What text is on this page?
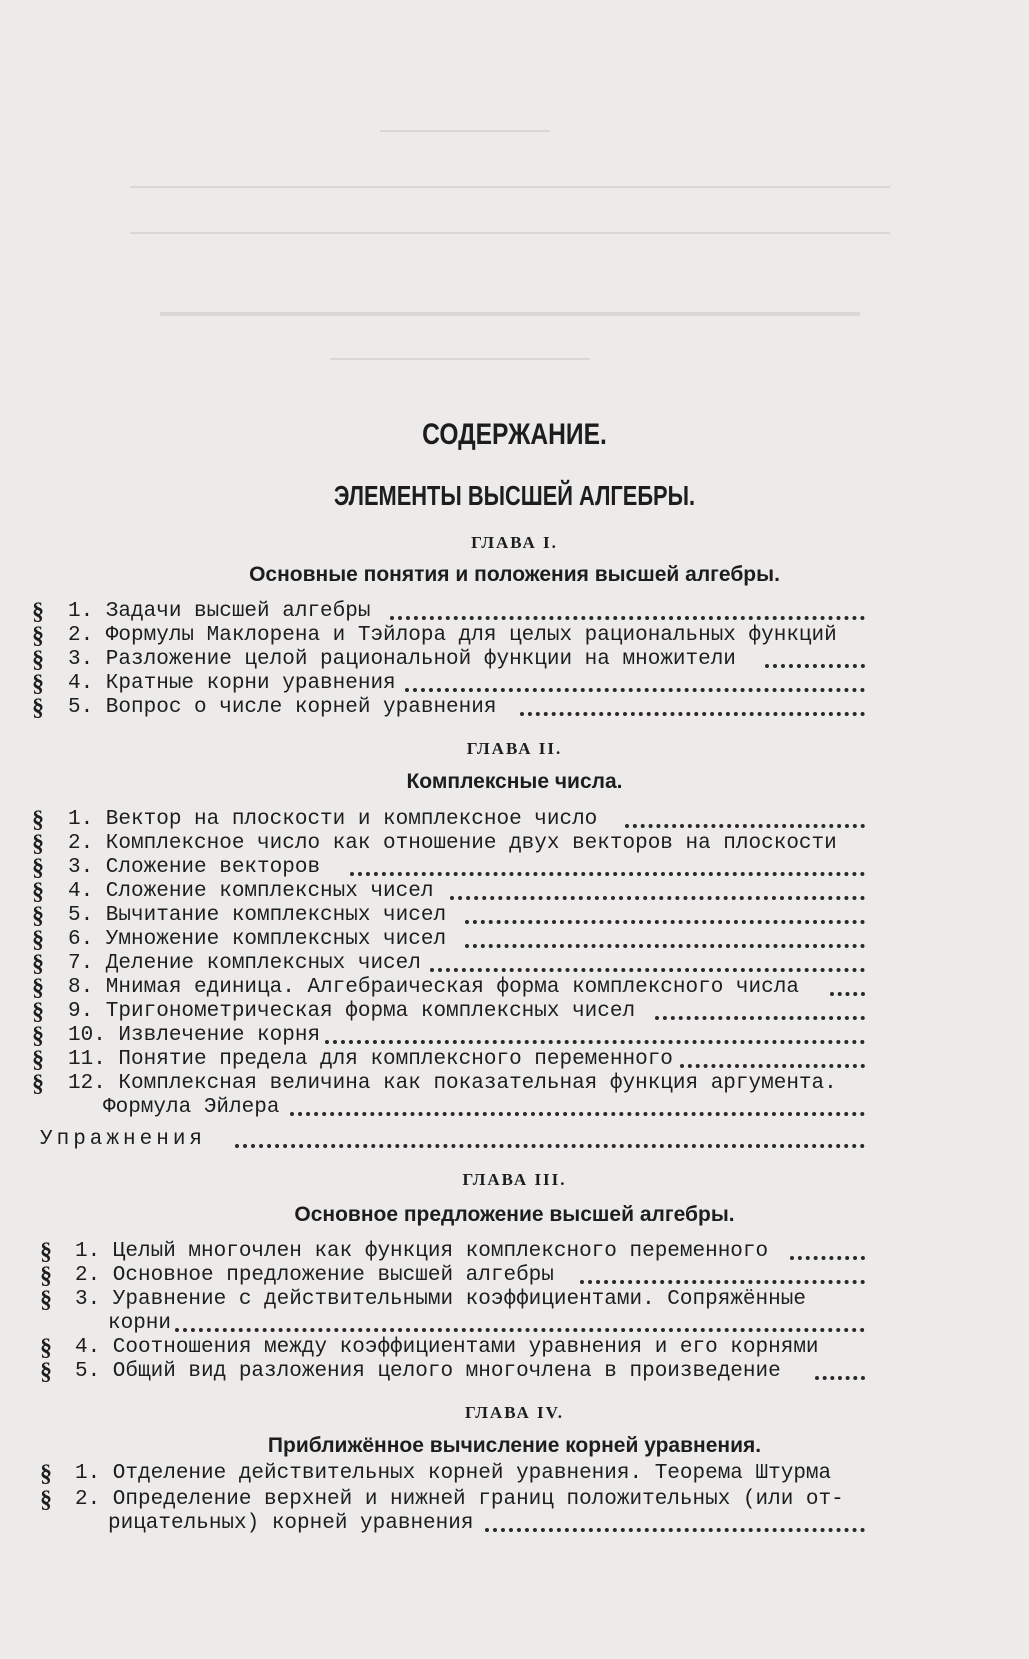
СОДЕРЖАНИЕ.
ЭЛЕМЕНТЫ ВЫСШЕЙ АЛГЕБРЫ.
ГЛАВА I.
Основные понятия и положения высшей алгебры.
§ 1. Задачи высшей алгебры
§ 2. Формулы Маклорена и Тэйлора для целых рациональных функций
§ 3. Разложение целой рациональной функции на множители
§ 4. Кратные корни уравнения
§ 5. Вопрос о числе корней уравнения
ГЛАВА II.
Комплексные числа.
§ 1. Вектор на плоскости и комплексное число
§ 2. Комплексное число как отношение двух векторов на плоскости
§ 3. Сложение векторов
§ 4. Сложение комплексных чисел
§ 5. Вычитание комплексных чисел
§ 6. Умножение комплексных чисел
§ 7. Деление комплексных чисел
§ 8. Мнимая единица. Алгебраическая форма комплексного числа
§ 9. Тригонометрическая форма комплексных чисел
§ 10. Извлечение корня
§ 11. Понятие предела для комплексного переменного
§ 12. Комплексная величина как показательная функция аргумента.
Формула Эйлера
Упражнения
ГЛАВА III.
Основное предложение высшей алгебры.
§ 1. Целый многочлен как функция комплексного переменного
§ 2. Основное предложение высшей алгебры
§ 3. Уравнение с действительными коэффициентами. Сопряжённые
корни
§ 4. Соотношения между коэффициентами уравнения и его корнями
§ 5. Общий вид разложения целого многочлена в произведение
ГЛАВА IV.
Приближённое вычисление корней уравнения.
§ 1. Отделение действительных корней уравнения. Теорема Штурма
§ 2. Определение верхней и нижней границ положительных (или от-
рицательных) корней уравнения
